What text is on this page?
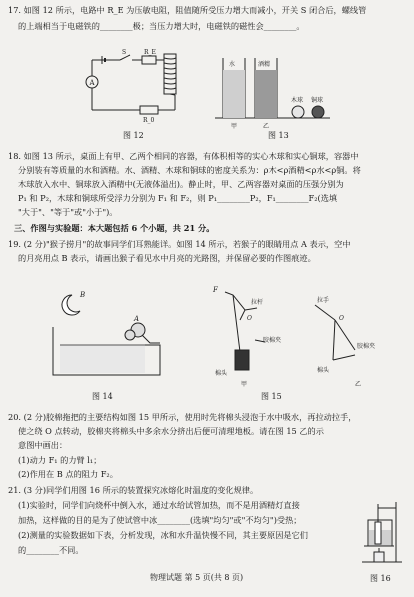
17. 如图 12 所示，电路中 R_E 为压敏电阻，阻值随所受压力增大而减小，开关 S 闭合后，螺线管
的上端相当于电磁铁的________极；当压力增大时，电磁铁的磁性会________。
A
S	R_E
R_0
图 12
水	酒精
木球 铜球
甲	乙
图 13
18. 如图 13 所示，桌面上有甲、乙两个相同的容器，有体积相等的实心木球和实心铜球，容器中
分别装有等质量的水和酒精。水、酒精、木球和铜球的密度关系为：ρ木<ρ酒精<ρ水<ρ铜。将
木球放入水中、铜球放入酒精中(无液体溢出)。静止时，甲、乙两容器对桌面的压强分别为
P₁ 和 P₂，木球和铜球所受浮力分别为 F₁ 和 F₂，则 P₁________P₂，F₁________F₂(选填
"大于"、"等于"或"小于")。
三、作图与实验题：本大题包括 6 个小题，共 21 分。
19. (2 分)"猴子捞月"的故事同学们耳熟能详。如图 14 所示，若猴子的眼睛用点 A 表示，空中
的月亮用点 B 表示，请画出猴子看见水中月亮的光路图，并保留必要的作图痕迹。
B
A
图 14
F
拉杆
O
胶棉夹
棉头
甲
拉手
O
胶棉夹
棉头
乙
图 15
20. (2 分)胶棉拖把的主要结构如图 15 甲所示，使用时先将棉头浸泡于水中吸水，再拉动拉手，
使之绕 O 点转动，胶棉夹将棉头中多余水分挤出后便可清理地板。请在图 15 乙的示
意图中画出：
(1)动力 F₁ 的力臂 l₁；
(2)作用在 B 点的阻力 F₂。
21. (3 分)同学们用图 16 所示的装置探究冰熔化时温度的变化规律。
(1)实验时，同学们向烧杯中倒入水，通过水给试管加热，而不是用酒精灯直接
加热，这样做的目的是为了使试管中冰________(选填"均匀"或"不均匀")受热；
(2)测量的实验数据如下表，分析发现，冰和水升温快慢不同，其主要原因是它们
的________不同。
图 16
物理试题 第 5 页(共 8 页)
